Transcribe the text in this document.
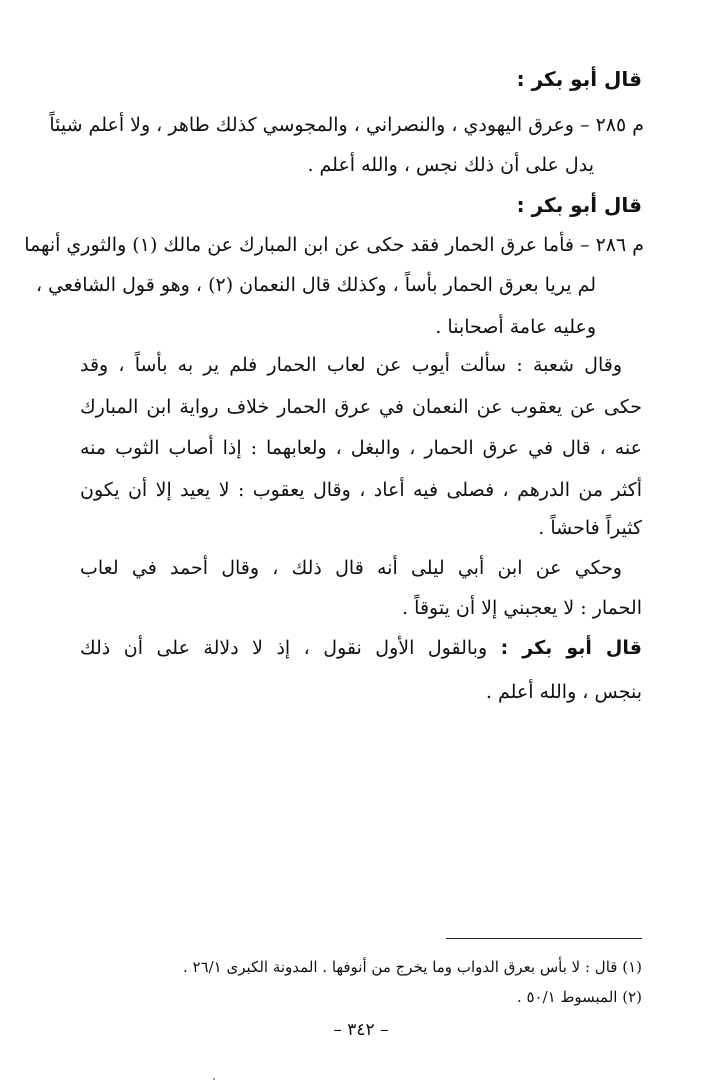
قال أبو بكر :
م ٢٨٥ – وعرق اليهودي ، والنصراني ، والمجوسي كذلك طاهر ، ولا أعلم شيئاً
يدل على أن ذلك نجس ، والله أعلم .
قال أبو بكر :
م ٢٨٦ – فأما عرق الحمار فقد حكى عن ابن المبارك عن مالك (١) والثوري أنهما
لم يريا بعرق الحمار بأساً ، وكذلك قال النعمان (٢) ، وهو قول الشافعي ،
وعليه عامة أصحابنا .
وقال شعبة : سألت أيوب عن لعاب الحمار فلم ير به بأساً ، وقد
حكى عن يعقوب عن النعمان في عرق الحمار خلاف رواية ابن المبارك
عنه ، قال في عرق الحمار ، والبغل ، ولعابهما : إذا أصاب الثوب منه
أكثر من الدرهم ، فصلى فيه أعاد ، وقال يعقوب : لا يعيد إلا أن يكون
كثيراً فاحشاً .
وحكي عن ابن أبي ليلى أنه قال ذلك ، وقال أحمد في لعاب
الحمار : لا يعجبني إلا أن يتوقاً .
قال أبو بكر : وبالقول الأول نقول ، إذ لا دلالة على أن ذلك
بنجس ، والله أعلم .
(١) قال : لا بأس بعرق الدواب وما يخرج من أنوفها . المدونة الكبرى ٢٦/١ .
(٢) المبسوط ٥٠/١ .
– ٣٤٢ –
